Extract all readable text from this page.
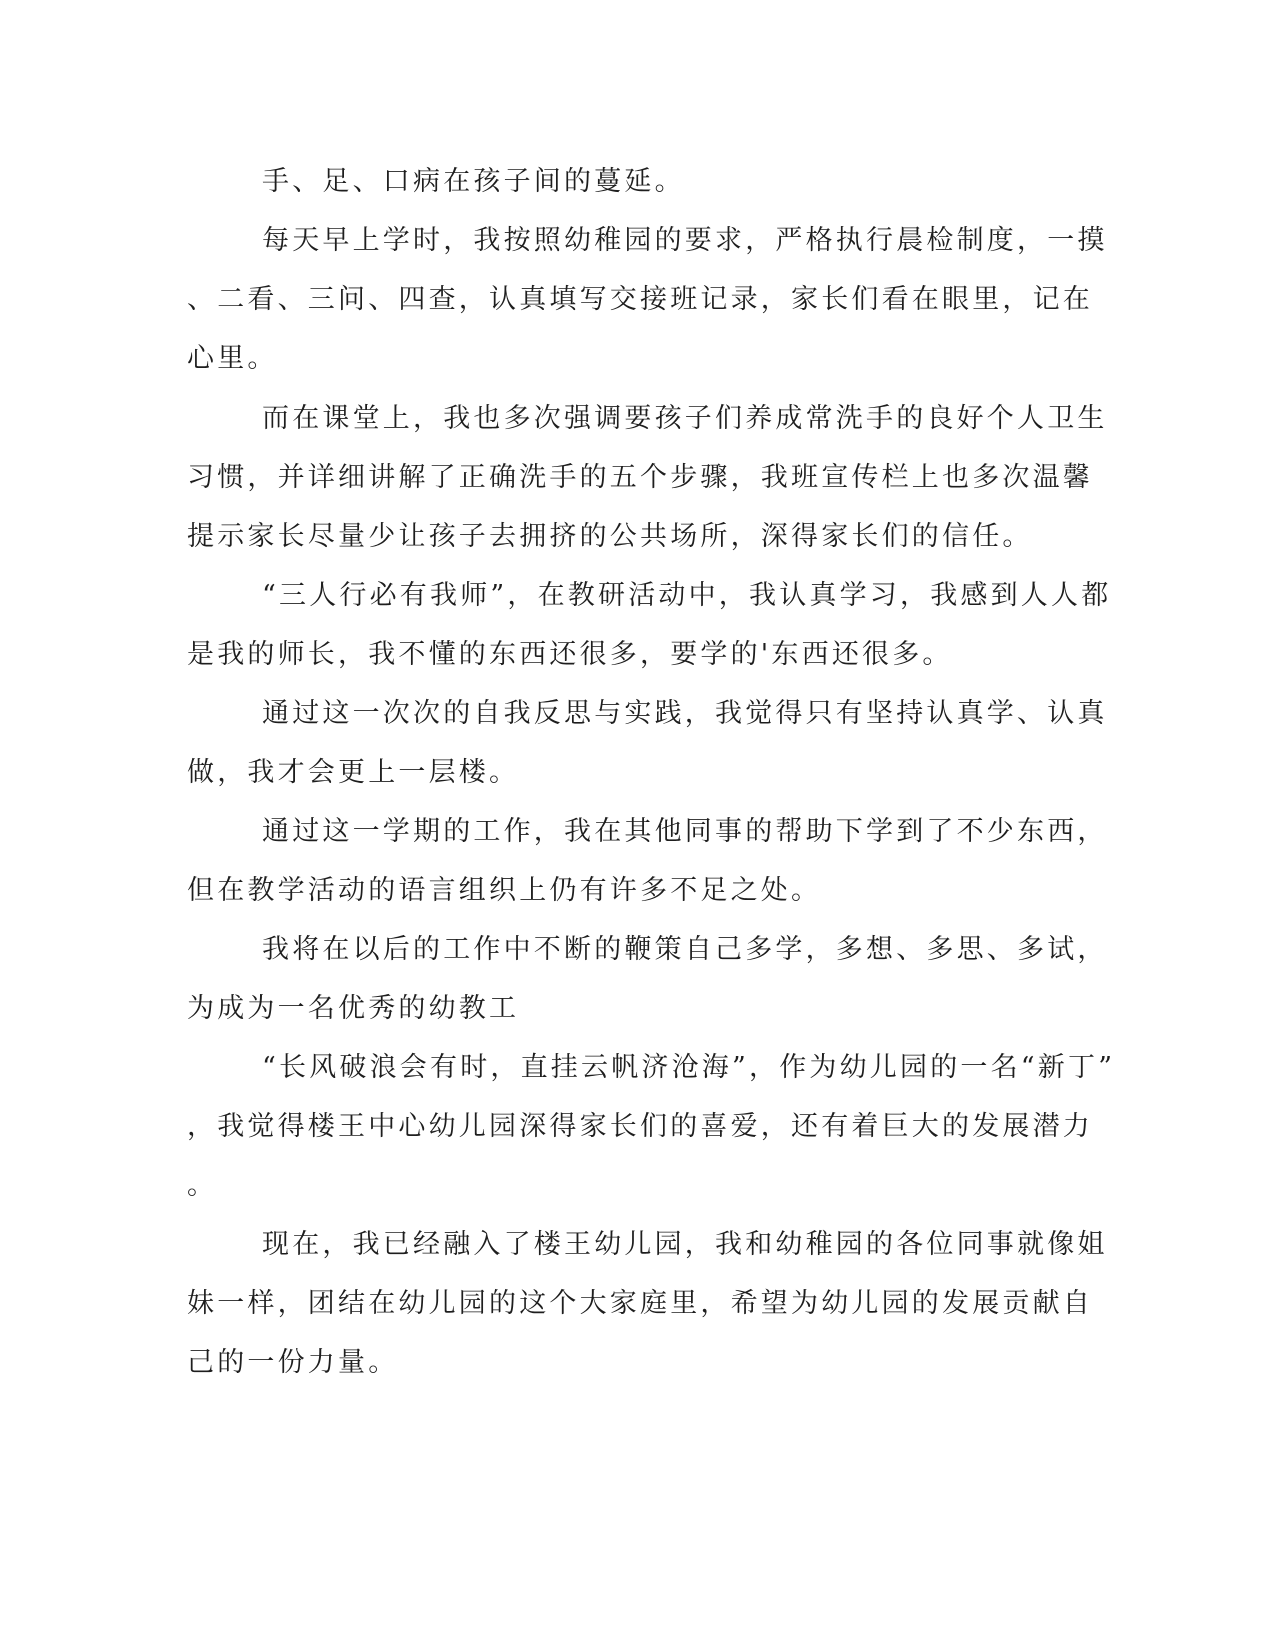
手、足、口病在孩子间的蔓延。
每天早上学时，我按照幼稚园的要求，严格执行晨检制度，一摸
、二看、三问、四查，认真填写交接班记录，家长们看在眼里，记在
心里。
而在课堂上，我也多次强调要孩子们养成常洗手的良好个人卫生
习惯，并详细讲解了正确洗手的五个步骤，我班宣传栏上也多次温馨
提示家长尽量少让孩子去拥挤的公共场所，深得家长们的信任。
“三人行必有我师”，在教研活动中，我认真学习，我感到人人都
是我的师长，我不懂的东西还很多，要学的'东西还很多。
通过这一次次的自我反思与实践，我觉得只有坚持认真学、认真
做，我才会更上一层楼。
通过这一学期的工作，我在其他同事的帮助下学到了不少东西，
但在教学活动的语言组织上仍有许多不足之处。
我将在以后的工作中不断的鞭策自己多学，多想、多思、多试，
为成为一名优秀的幼教工
“长风破浪会有时，直挂云帆济沧海”，作为幼儿园的一名“新丁”
，我觉得楼王中心幼儿园深得家长们的喜爱，还有着巨大的发展潜力
。
现在，我已经融入了楼王幼儿园，我和幼稚园的各位同事就像姐
妹一样，团结在幼儿园的这个大家庭里，希望为幼儿园的发展贡献自
己的一份力量。
